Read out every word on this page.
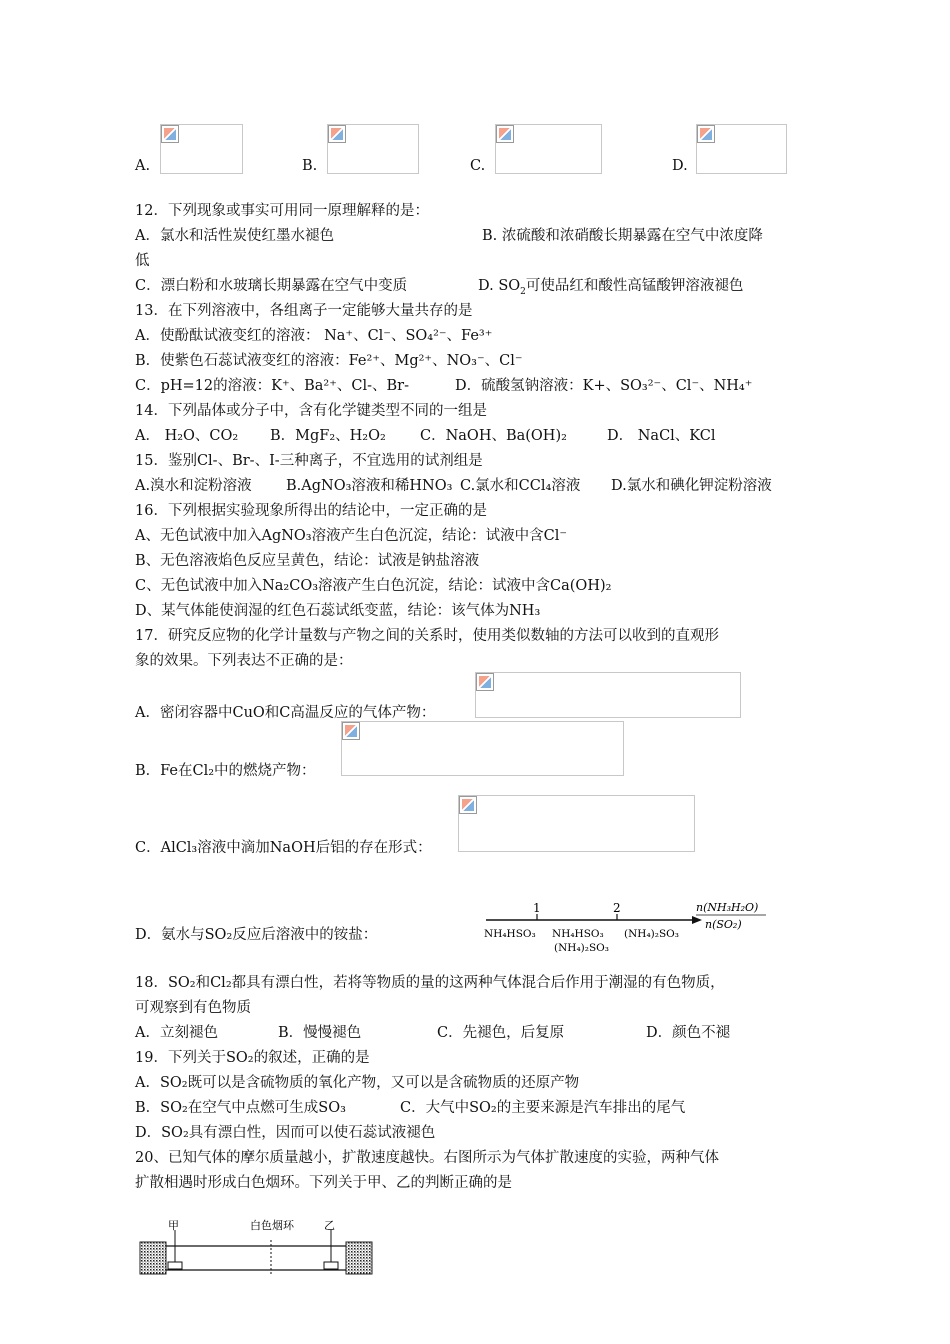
A.	B.	C.	D.
12．下列现象或事实可用同一原理解释的是：
A．氯水和活性炭使红墨水褪色	B. 浓硫酸和浓硝酸长期暴露在空气中浓度降
低
C．漂白粉和水玻璃长期暴露在空气中变质	D. $SO_2$可使品红和酸性高锰酸钾溶液褪色
13．在下列溶液中，各组离子一定能够大量共存的是
A．使酚酞试液变红的溶液： Na⁺、Cl⁻、SO₄²⁻、Fe³⁺
B．使紫色石蕊试液变红的溶液：Fe²⁺、Mg²⁺、NO₃⁻、Cl⁻
C．pH=12的溶液：K⁺、Ba²⁺、Cl-、Br-	D．硫酸氢钠溶液：K+、SO₃²⁻、Cl⁻、NH₄⁺
14．下列晶体或分子中，含有化学键类型不同的一组是
A． H₂O、CO₂ B．MgF₂、H₂O₂ C．NaOH、Ba(OH)₂	D． NaCl、KCl
15．鉴别Cl-、Br-、I-三种离子，不宜选用的试剂组是
A.溴水和淀粉溶液 B.AgNO₃溶液和稀HNO₃ C.氯水和CCl₄溶液 D.氯水和碘化钾淀粉溶液
16．下列根据实验现象所得出的结论中，一定正确的是
A、无色试液中加入AgNO₃溶液产生白色沉淀，结论：试液中含Cl⁻
B、无色溶液焰色反应呈黄色，结论：试液是钠盐溶液
C、无色试液中加入Na₂CO₃溶液产生白色沉淀，结论：试液中含Ca(OH)₂
D、某气体能使润湿的红色石蕊试纸变蓝，结论：该气体为NH₃
17．研究反应物的化学计量数与产物之间的关系时，使用类似数轴的方法可以收到的直观形
象的效果。下列表达不正确的是：
A．密闭容器中CuO和C高温反应的气体产物：
B．Fe在Cl₂中的燃烧产物：
C．AlCl₃溶液中滴加NaOH后铝的存在形式：
D．氨水与SO₂反应后溶液中的铵盐：
1	2	n(NH₃H₂O)
n(SO₂)
NH₄HSO₃ NH₄HSO₃
(NH₄)₂SO₃
(NH₄)₂SO₃
18．SO₂和Cl₂都具有漂白性，若将等物质的量的这两种气体混合后作用于潮湿的有色物质，
可观察到有色物质
A．立刻褪色	B．慢慢褪色	C．先褪色，后复原	D．颜色不褪
19．下列关于SO₂的叙述，正确的是
A．SO₂既可以是含硫物质的氧化产物，又可以是含硫物质的还原产物
B．SO₂在空气中点燃可生成SO₃	C．大气中SO₂的主要来源是汽车排出的尾气
D．SO₂具有漂白性，因而可以使石蕊试液褪色
20、已知气体的摩尔质量越小，扩散速度越快。右图所示为气体扩散速度的实验，两种气体
扩散相遇时形成白色烟环。下列关于甲、乙的判断正确的是
甲	白色烟环	乙
